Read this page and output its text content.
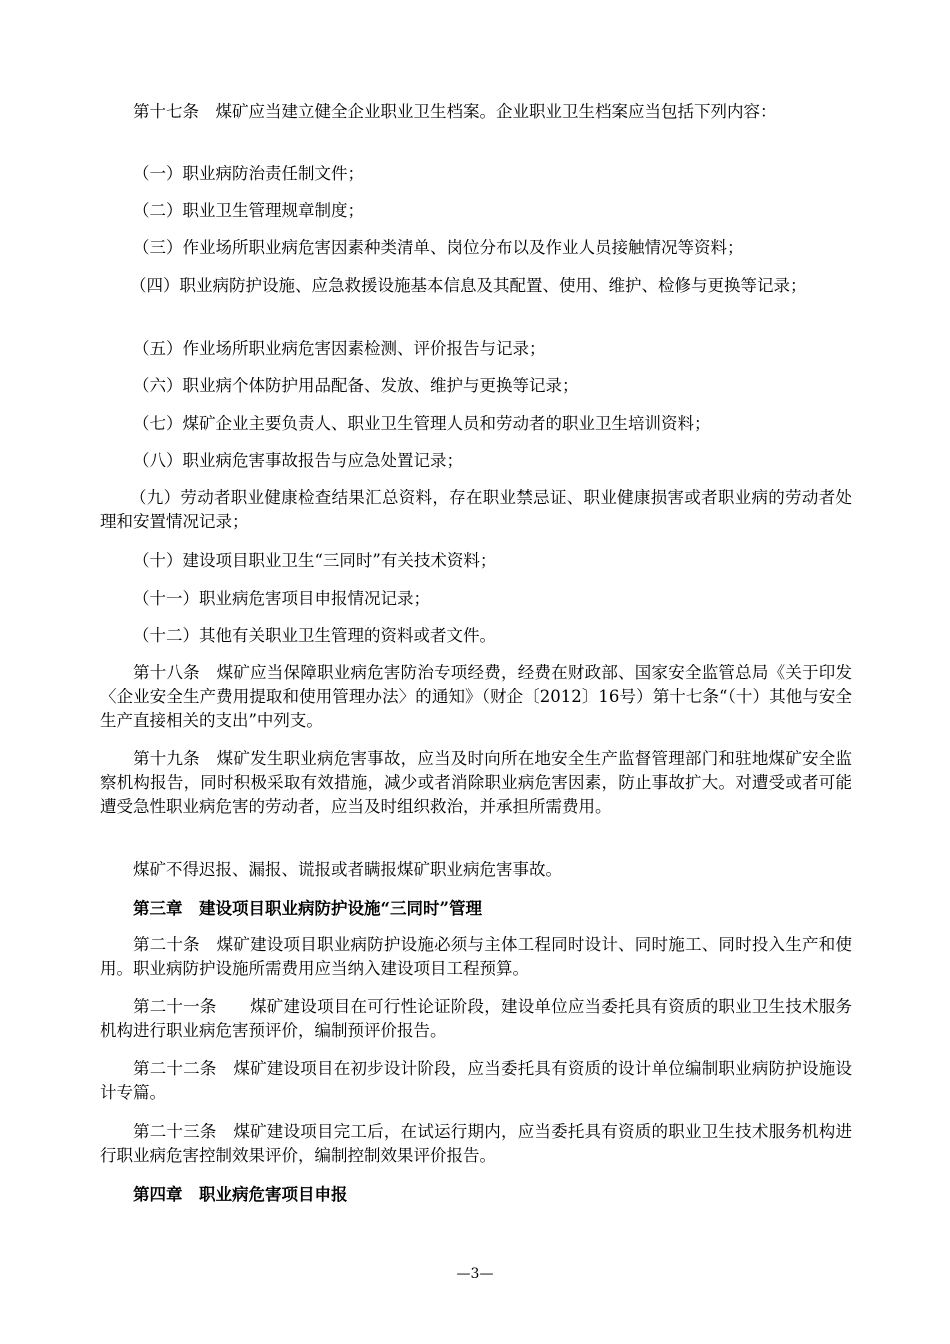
第十七条　煤矿应当建立健全企业职业卫生档案。企业职业卫生档案应当包括下列内容：

（一）职业病防治责任制文件；

（二）职业卫生管理规章制度；

（三）作业场所职业病危害因素种类清单、岗位分布以及作业人员接触情况等资料；

（四）职业病防护设施、应急救援设施基本信息及其配置、使用、维护、检修与更换等记录；

（五）作业场所职业病危害因素检测、评价报告与记录；

（六）职业病个体防护用品配备、发放、维护与更换等记录；

（七）煤矿企业主要负责人、职业卫生管理人员和劳动者的职业卫生培训资料；

（八）职业病危害事故报告与应急处置记录；

（九）劳动者职业健康检查结果汇总资料，存在职业禁忌证、职业健康损害或者职业病的劳动者处理和安置情况记录；

（十）建设项目职业卫生“三同时”有关技术资料；

（十一）职业病危害项目申报情况记录；

（十二）其他有关职业卫生管理的资料或者文件。

第十八条　煤矿应当保障职业病危害防治专项经费，经费在财政部、国家安全监管总局《关于印发〈企业安全生产费用提取和使用管理办法〉的通知》（财企〔2012〕16号）第十七条“（十）其他与安全生产直接相关的支出”中列支。

第十九条　煤矿发生职业病危害事故，应当及时向所在地安全生产监督管理部门和驻地煤矿安全监察机构报告，同时积极采取有效措施，减少或者消除职业病危害因素，防止事故扩大。对遭受或者可能遭受急性职业病危害的劳动者，应当及时组织救治，并承担所需费用。

煤矿不得迟报、漏报、谎报或者瞒报煤矿职业病危害事故。

第三章　建设项目职业病防护设施“三同时”管理

第二十条　煤矿建设项目职业病防护设施必须与主体工程同时设计、同时施工、同时投入生产和使用。职业病防护设施所需费用应当纳入建设项目工程预算。

第二十一条　　煤矿建设项目在可行性论证阶段，建设单位应当委托具有资质的职业卫生技术服务机构进行职业病危害预评价，编制预评价报告。

第二十二条　煤矿建设项目在初步设计阶段，应当委托具有资质的设计单位编制职业病防护设施设计专篇。

第二十三条　煤矿建设项目完工后，在试运行期内，应当委托具有资质的职业卫生技术服务机构进行职业病危害控制效果评价，编制控制效果评价报告。

第四章　职业病危害项目申报

—3—
